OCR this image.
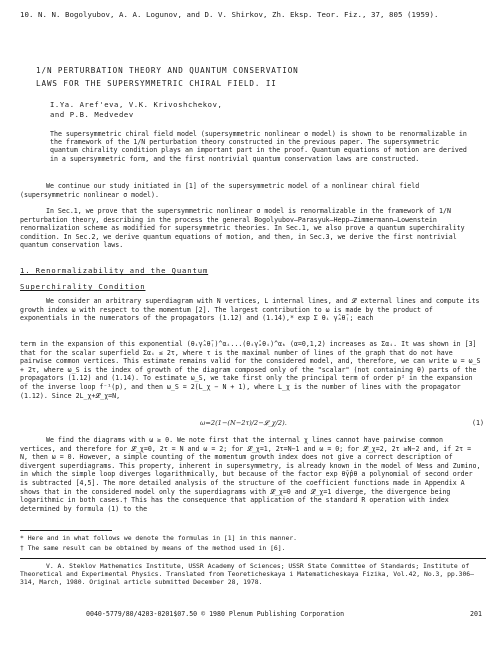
10. N. N. Bogolyubov, A. A. Logunov, and D. V. Shirkov, Zh. Eksp. Teor. Fiz., 37, 805 (1959).
1/N PERTURBATION THEORY AND QUANTUM CONSERVATION
LAWS FOR THE SUPERSYMMETRIC CHIRAL FIELD. II
I.Ya. Aref'eva, V.K. Krivoshchekov,
and P.B. Medvedev
The supersymmetric chiral field model (supersymmetric nonlinear σ model) is shown to be renormalizable in the framework of the 1/N perturbation theory constructed in the previous paper. The supersymmetric quantum chirality condition plays an important part in the proof. Quantum equations of motion are derived in a supersymmetric form, and the first nontrivial quantum conservation laws are constructed.
We continue our study initiated in [1] of the supersymmetric model of a nonlinear chiral field (supersymmetric nonlinear σ model).
In Sec.1, we prove that the supersymmetric nonlinear σ model is renormalizable in the framework of 1/N perturbation theory, describing in the process the general Bogolyubov–Parasyuk–Hepp–Zimmermann–Lowenstein renormalization scheme as modified for supersymmetric theories. In Sec.1, we also prove a quantum superchirality condition. In Sec.2, we derive quantum equations of motion, and then, in Sec.3, we derive the first nontrivial quantum conservation laws.
1. Renormalizability and the Quantum
Superchirality Condition
We consider an arbitrary superdiagram with N vertices, L internal lines, and 𝓛 external lines and compute its growth index ω with respect to the momentum [2]. The largest contribution to ω is made by the product of exponentials in the numerators of the propagators (1.12) and (1.14),* exp Σ θᵢ γ̂ₐθ̄ⱼ; each
term in the expansion of this exponential (θᵢγ̂ₐθ̄ⱼ)^αᵢ...(θᵢγ̂ₐθᵢ)^αₖ (α=0,1,2) increases as Σαᵢ. It was shown in [3] that for the scalar superfield Σαᵢ ≤ 2τ, where τ is the maximal number of lines of the graph that do not have pairwise common vertices. This estimate remains valid for the considered model, and, therefore, we can write ω = ω_S + 2τ, where ω_S is the index of growth of the diagram composed only of the "scalar" (not containing θ) parts of the propagators (1.12) and (1.14). To estimate ω_S, we take first only the principal term of order p² in the expansion of the inverse loop f⁻¹(p), and then ω_S = 2(L_χ − N + 1), where L_χ is the number of lines with the propagator (1.12). Since 2L_χ+𝓛_χ=N,
ω=2(1−(N−2τ)/2−𝓛_χ/2).	(1)
We find the diagrams with ω ≥ 0. We note first that the internal χ lines cannot have pairwise common vertices, and therefore for 𝓛_χ=0, 2τ = N and ω = 2; for 𝓛_χ=1, 2τ=N−1 and ω = 0; for 𝓛_χ=2, 2τ ≥N−2 and, if 2τ = N, then ω = 0. However, a simple counting of the momentum growth index does not give a correct description of divergent superdiagrams. This property, inherent in supersymmetry, is already known in the model of Wess and Zumino, in which the simple loop diverges logarithmically, but because of the factor exp θ̄γ̂pθ a polynomial of second order is subtracted [4,5]. The more detailed analysis of the structure of the coefficient functions made in Appendix A shows that in the considered model only the superdiagrams with 𝓛_χ=0 and 𝓛_χ=1 diverge, the divergence being logarithmic in both cases.† This has the consequence that application of the standard R operation with index determined by formula (1) to the
* Here and in what follows we denote the formulas in [1] in this manner.
† The same result can be obtained by means of the method used in [6].
V. A. Steklov Mathematics Institute, USSR Academy of Sciences; USSR State Committee of Standards; Institute of Theoretical and Experimental Physics. Translated from Teoreticheskaya i Matematicheskaya Fizika, Vol.42, No.3, pp.306–314, March, 1980. Original article submitted December 28, 1978.
0040-5779/80/4203-0201$07.50 © 1980 Plenum Publishing Corporation	201
